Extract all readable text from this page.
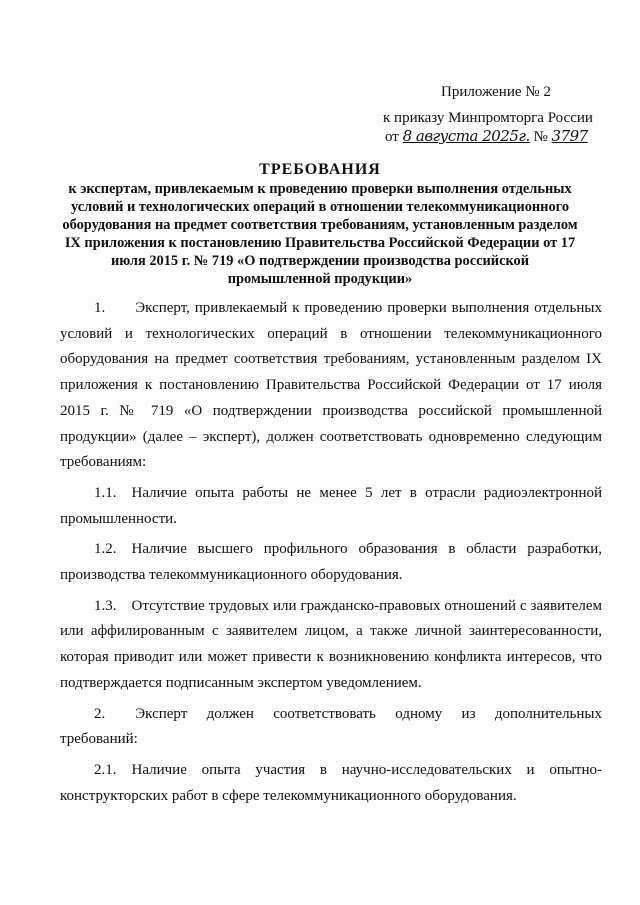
Приложение № 2
к приказу Минпромторга России
от 8 августа 2025г. № 3797
ТРЕБОВАНИЯ
к экспертам, привлекаемым к проведению проверки выполнения отдельных условий и технологических операций в отношении телекоммуникационного оборудования на предмет соответствия требованиям, установленным разделом IX приложения к постановлению Правительства Российской Федерации от 17 июля 2015 г. № 719 «О подтверждении производства российской промышленной продукции»

1.  Эксперт, привлекаемый к проведению проверки выполнения отдельных условий и технологических операций в отношении телекоммуникационного оборудования на предмет соответствия требованиям, установленным разделом IX приложения к постановлению Правительства Российской Федерации от 17 июля 2015 г. № 719 «О подтверждении производства российской промышленной продукции» (далее – эксперт), должен соответствовать одновременно следующим требованиям:

1.1. Наличие опыта работы не менее 5 лет в отрасли радиоэлектронной промышленности.

1.2. Наличие высшего профильного образования в области разработки, производства телекоммуникационного оборудования.

1.3. Отсутствие трудовых или гражданско-правовых отношений с заявителем или аффилированным с заявителем лицом, а также личной заинтересованности, которая приводит или может привести к возникновению конфликта интересов, что подтверждается подписанным экспертом уведомлением.

2.  Эксперт должен соответствовать одному из дополнительных требований:

2.1. Наличие опыта участия в научно-исследовательских и опытно-конструкторских работ в сфере телекоммуникационного оборудования.
